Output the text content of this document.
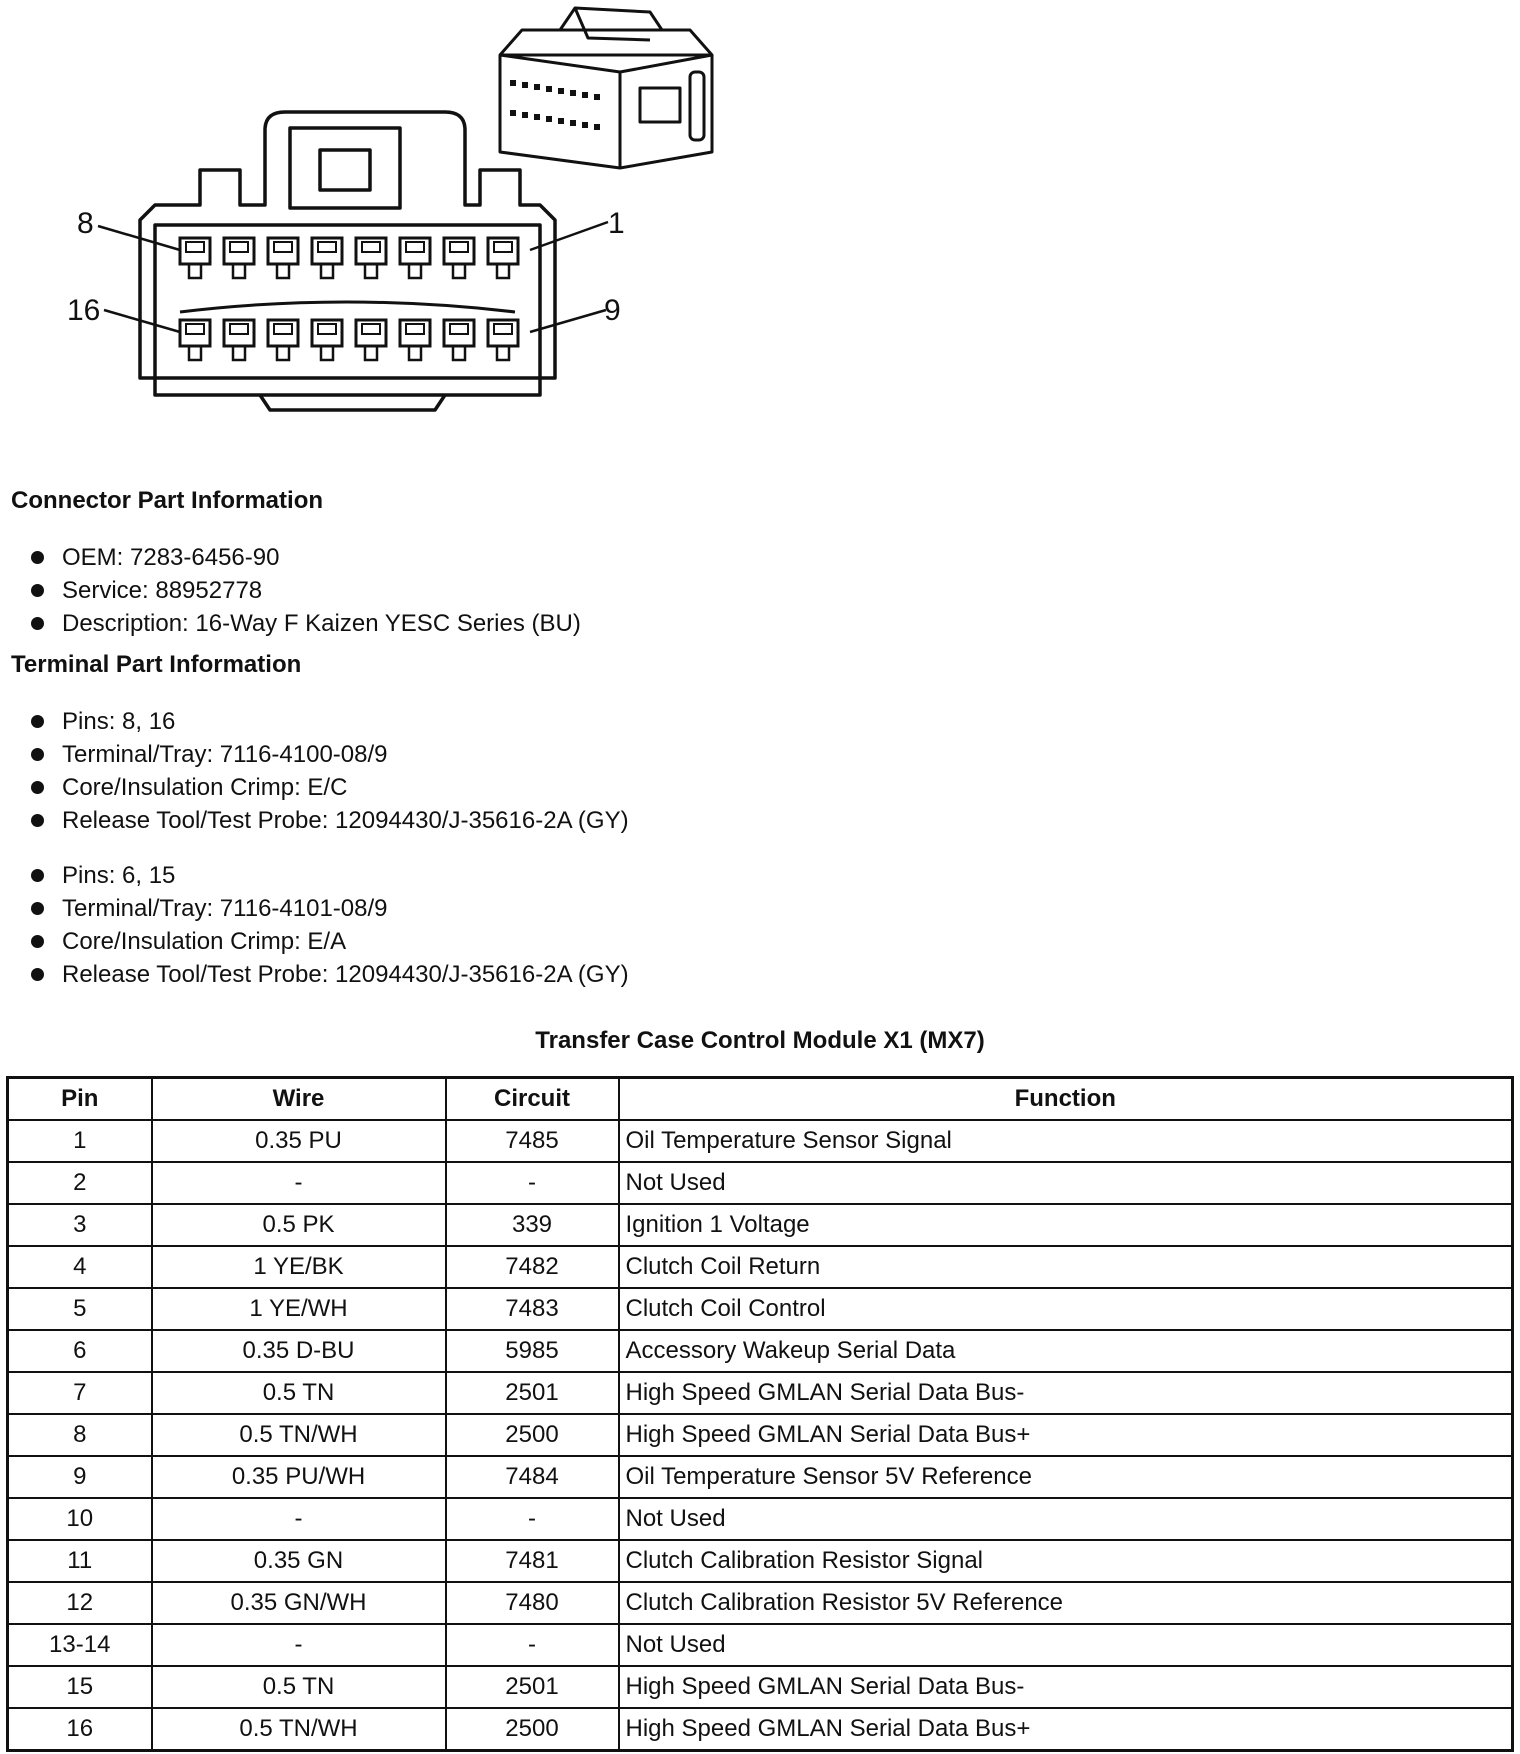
8	1
16	9
Connector Part Information
OEM: 7283-6456-90
Service: 88952778
Description: 16-Way F Kaizen YESC Series (BU)
Terminal Part Information
Pins: 8, 16
Terminal/Tray: 7116-4100-08/9
Core/Insulation Crimp: E/C
Release Tool/Test Probe: 12094430/J-35616-2A (GY)
Pins: 6, 15
Terminal/Tray: 7116-4101-08/9
Core/Insulation Crimp: E/A
Release Tool/Test Probe: 12094430/J-35616-2A (GY)
Transfer Case Control Module X1 (MX7)
Pin	Wire	Circuit	Function
1	0.35 PU	7485	Oil Temperature Sensor Signal
2	-	-	Not Used
3	0.5 PK	339	Ignition 1 Voltage
4	1 YE/BK	7482	Clutch Coil Return
5	1 YE/WH	7483	Clutch Coil Control
6	0.35 D-BU	5985	Accessory Wakeup Serial Data
7	0.5 TN	2501	High Speed GMLAN Serial Data Bus-
8	0.5 TN/WH	2500	High Speed GMLAN Serial Data Bus+
9	0.35 PU/WH	7484	Oil Temperature Sensor 5V Reference
10	-	-	Not Used
11	0.35 GN	7481	Clutch Calibration Resistor Signal
12	0.35 GN/WH	7480	Clutch Calibration Resistor 5V Reference
13-14	-	-	Not Used
15	0.5 TN	2501	High Speed GMLAN Serial Data Bus-
16	0.5 TN/WH	2500	High Speed GMLAN Serial Data Bus+
